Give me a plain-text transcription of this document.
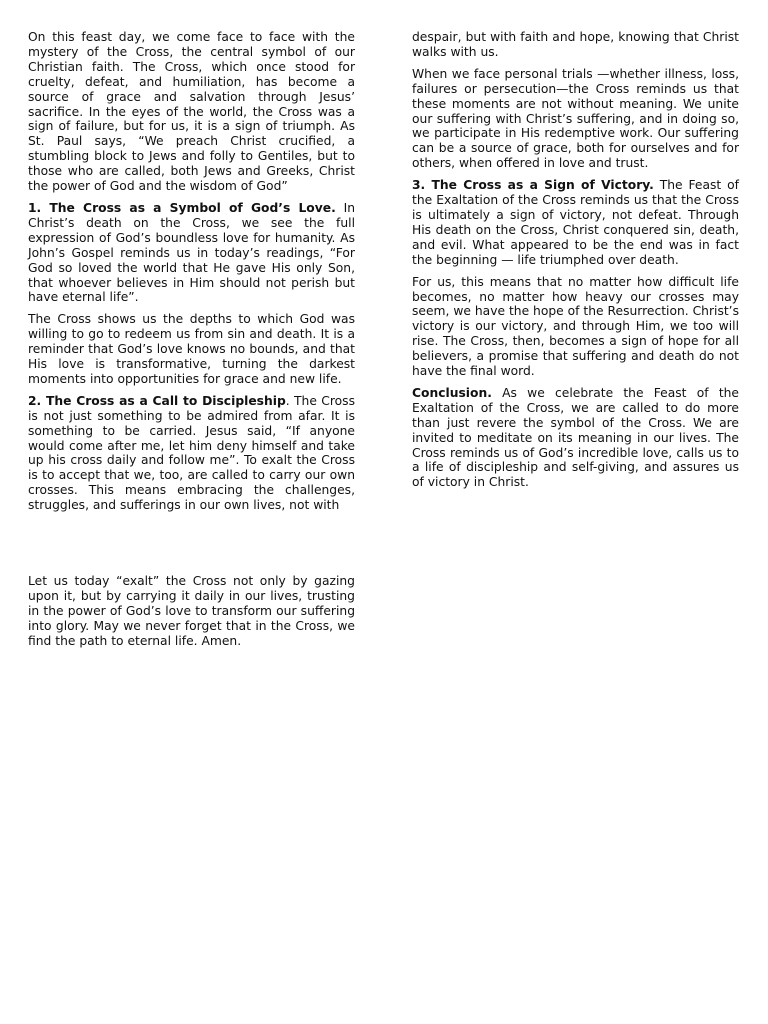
On this feast day, we come face to face with the mystery of the Cross, the central symbol of our Christian faith. The Cross, which once stood for cruelty, defeat, and humiliation, has become a source of grace and salvation through Jesus’ sacrifice. In the eyes of the world, the Cross was a sign of failure, but for us, it is a sign of triumph. As St. Paul says, “We preach Christ crucified, a stumbling block to Jews and folly to Gentiles, but to those who are called, both Jews and Greeks, Christ the power of God and the wisdom of God”

1. The Cross as a Symbol of God’s Love. In Christ’s death on the Cross, we see the full expression of God’s boundless love for humanity. As John’s Gospel reminds us in today’s readings, “For God so loved the world that He gave His only Son, that whoever believes in Him should not perish but have eternal life”.

The Cross shows us the depths to which God was willing to go to redeem us from sin and death. It is a reminder that God’s love knows no bounds, and that His love is transformative, turning the darkest moments into opportunities for grace and new life.

2. The Cross as a Call to Discipleship. The Cross is not just something to be admired from afar. It is something to be carried. Jesus said, “If anyone would come after me, let him deny himself and take up his cross daily and follow me”. To exalt the Cross is to accept that we, too, are called to carry our own crosses. This means embracing the challenges, struggles, and sufferings in our own lives, not with

despair, but with faith and hope, knowing that Christ walks with us.

When we face personal trials —whether illness, loss, failures or persecution—the Cross reminds us that these moments are not without meaning. We unite our suffering with Christ’s suffering, and in doing so, we participate in His redemptive work. Our suffering can be a source of grace, both for ourselves and for others, when offered in love and trust.

3. The Cross as a Sign of Victory. The Feast of the Exaltation of the Cross reminds us that the Cross is ultimately a sign of victory, not defeat. Through His death on the Cross, Christ conquered sin, death, and evil. What appeared to be the end was in fact the beginning — life triumphed over death.

For us, this means that no matter how difficult life becomes, no matter how heavy our crosses may seem, we have the hope of the Resurrection. Christ’s victory is our victory, and through Him, we too will rise. The Cross, then, becomes a sign of hope for all believers, a promise that suffering and death do not have the final word.

Conclusion. As we celebrate the Feast of the Exaltation of the Cross, we are called to do more than just revere the symbol of the Cross. We are invited to meditate on its meaning in our lives. The Cross reminds us of God’s incredible love, calls us to a life of discipleship and self-giving, and assures us of victory in Christ.

Let us today “exalt” the Cross not only by gazing upon it, but by carrying it daily in our lives, trusting in the power of God’s love to transform our suffering into glory. May we never forget that in the Cross, we find the path to eternal life. Amen.
